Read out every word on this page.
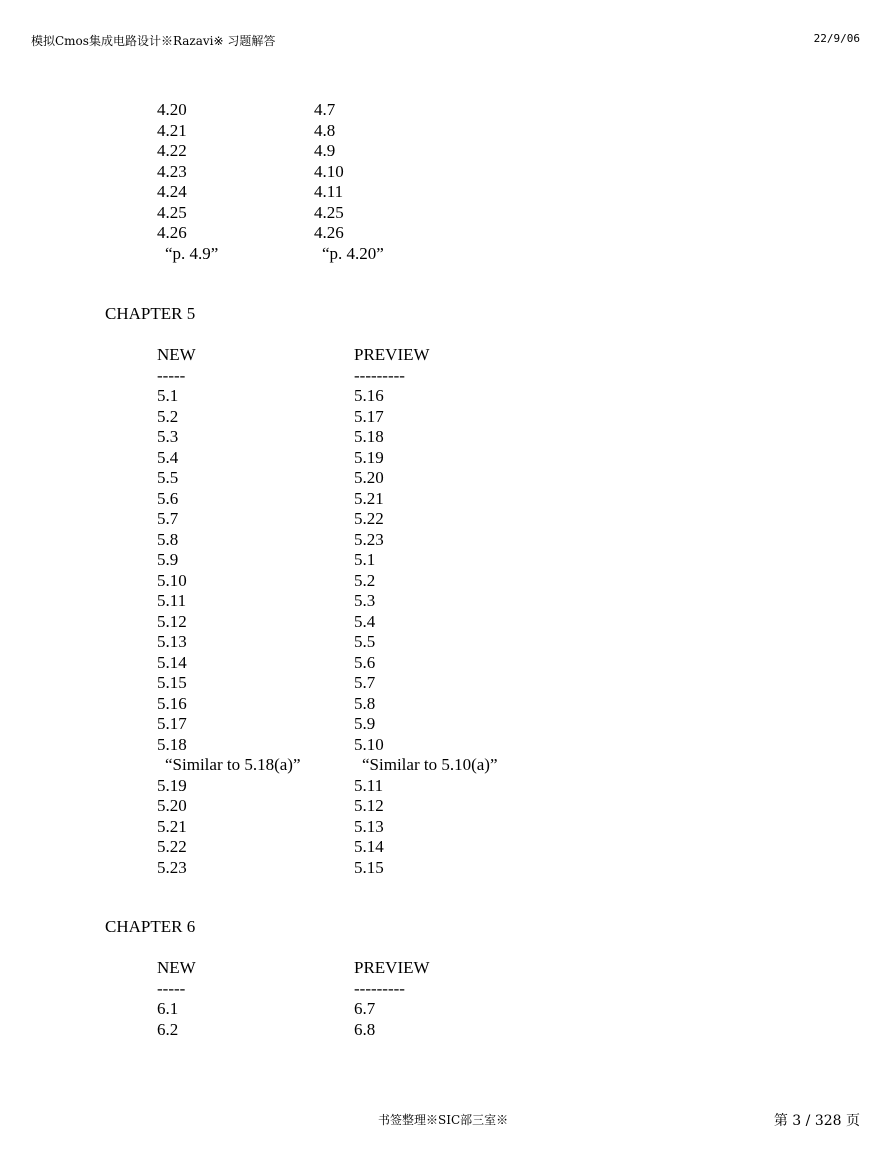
模拟Cmos集成电路设计※Razavi※ 习题解答	22/9/06
4.20	4.7
4.21	4.8
4.22	4.9
4.23	4.10
4.24	4.11
4.25	4.25
4.26	4.26
“p. 4.9”	“p. 4.20”
CHAPTER 5
NEW	PREVIEW
-----	---------
5.1	5.16
5.2	5.17
5.3	5.18
5.4	5.19
5.5	5.20
5.6	5.21
5.7	5.22
5.8	5.23
5.9	5.1
5.10	5.2
5.11	5.3
5.12	5.4
5.13	5.5
5.14	5.6
5.15	5.7
5.16	5.8
5.17	5.9
5.18	5.10
“Similar to 5.18(a)”	“Similar to 5.10(a)”
5.19	5.11
5.20	5.12
5.21	5.13
5.22	5.14
5.23	5.15
CHAPTER 6
NEW	PREVIEW
-----	---------
6.1	6.7
6.2	6.8
书签整理※SIC部三室※	第 3 / 328 页
